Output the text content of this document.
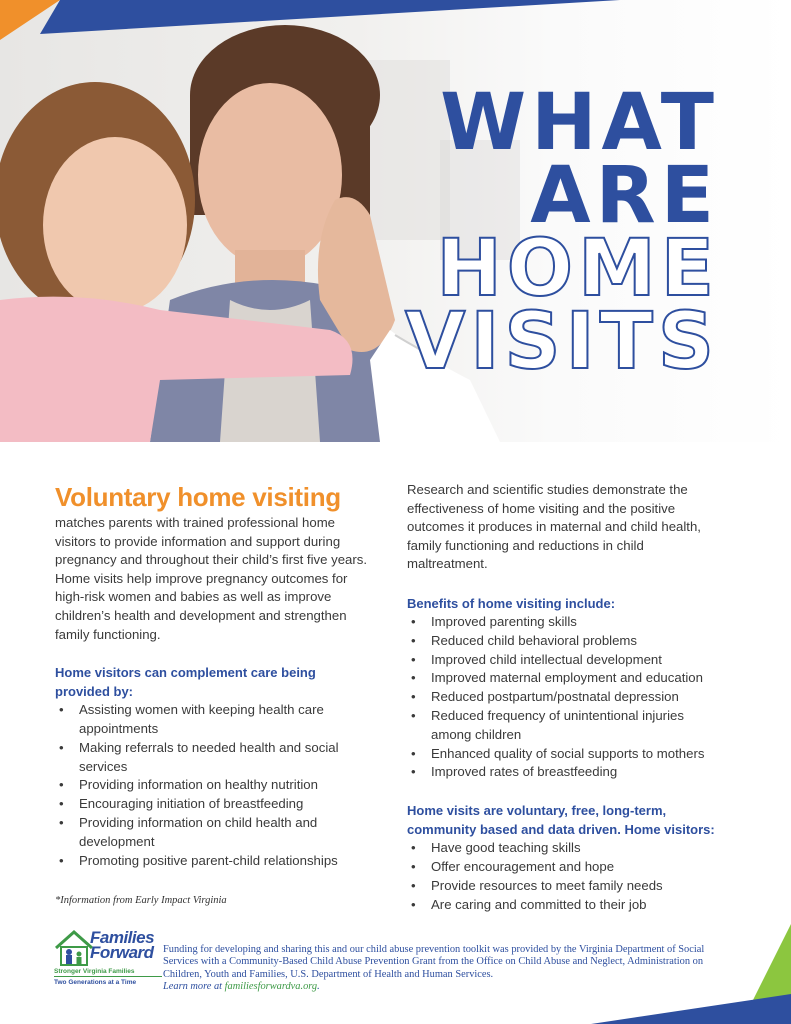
WHAT
ARE
HOME
VISITS
Voluntary home visiting

matches parents with trained professional home visitors to provide information and support during pregnancy and throughout their child’s first five years. Home visits help improve pregnancy outcomes for high-risk women and babies as well as improve children’s health and development and strengthen family functioning.

Home visitors can complement care being
provided by:

• Assisting women with keeping health care
appointments
• Making referrals to needed health and social
services
• Providing information on healthy nutrition
• Encouraging initiation of breastfeeding
• Providing information on child health and
development
• Promoting positive parent-child relationships
*Information from Early Impact Virginia

Research and scientific studies demonstrate the effectiveness of home visiting and the positive outcomes it produces in maternal and child health, family functioning and reductions in child maltreatment.

Benefits of home visiting include:

• Improved parenting skills
• Reduced child behavioral problems
• Improved child intellectual development
• Improved maternal employment and education
• Reduced postpartum/postnatal depression
• Reduced frequency of unintentional injuries
among children
• Enhanced quality of social supports to mothers
• Improved rates of breastfeeding

Home visits are voluntary, free, long-term,
community based and data driven. Home visitors:

• Have good teaching skills
• Offer encouragement and hope
• Provide resources to meet family needs
• Are caring and committed to their job
Families
Forward
Stronger Virginia Families
Two Generations at a Time
Funding for developing and sharing this and our child abuse prevention toolkit was provided by the Virginia Department of Social Services with a Community-Based Child Abuse Prevention Grant from the Office on Child Abuse and Neglect, Administration on Children, Youth and Families, U.S. Department of Health and Human Services.
Learn more at familiesforwardva.org.
